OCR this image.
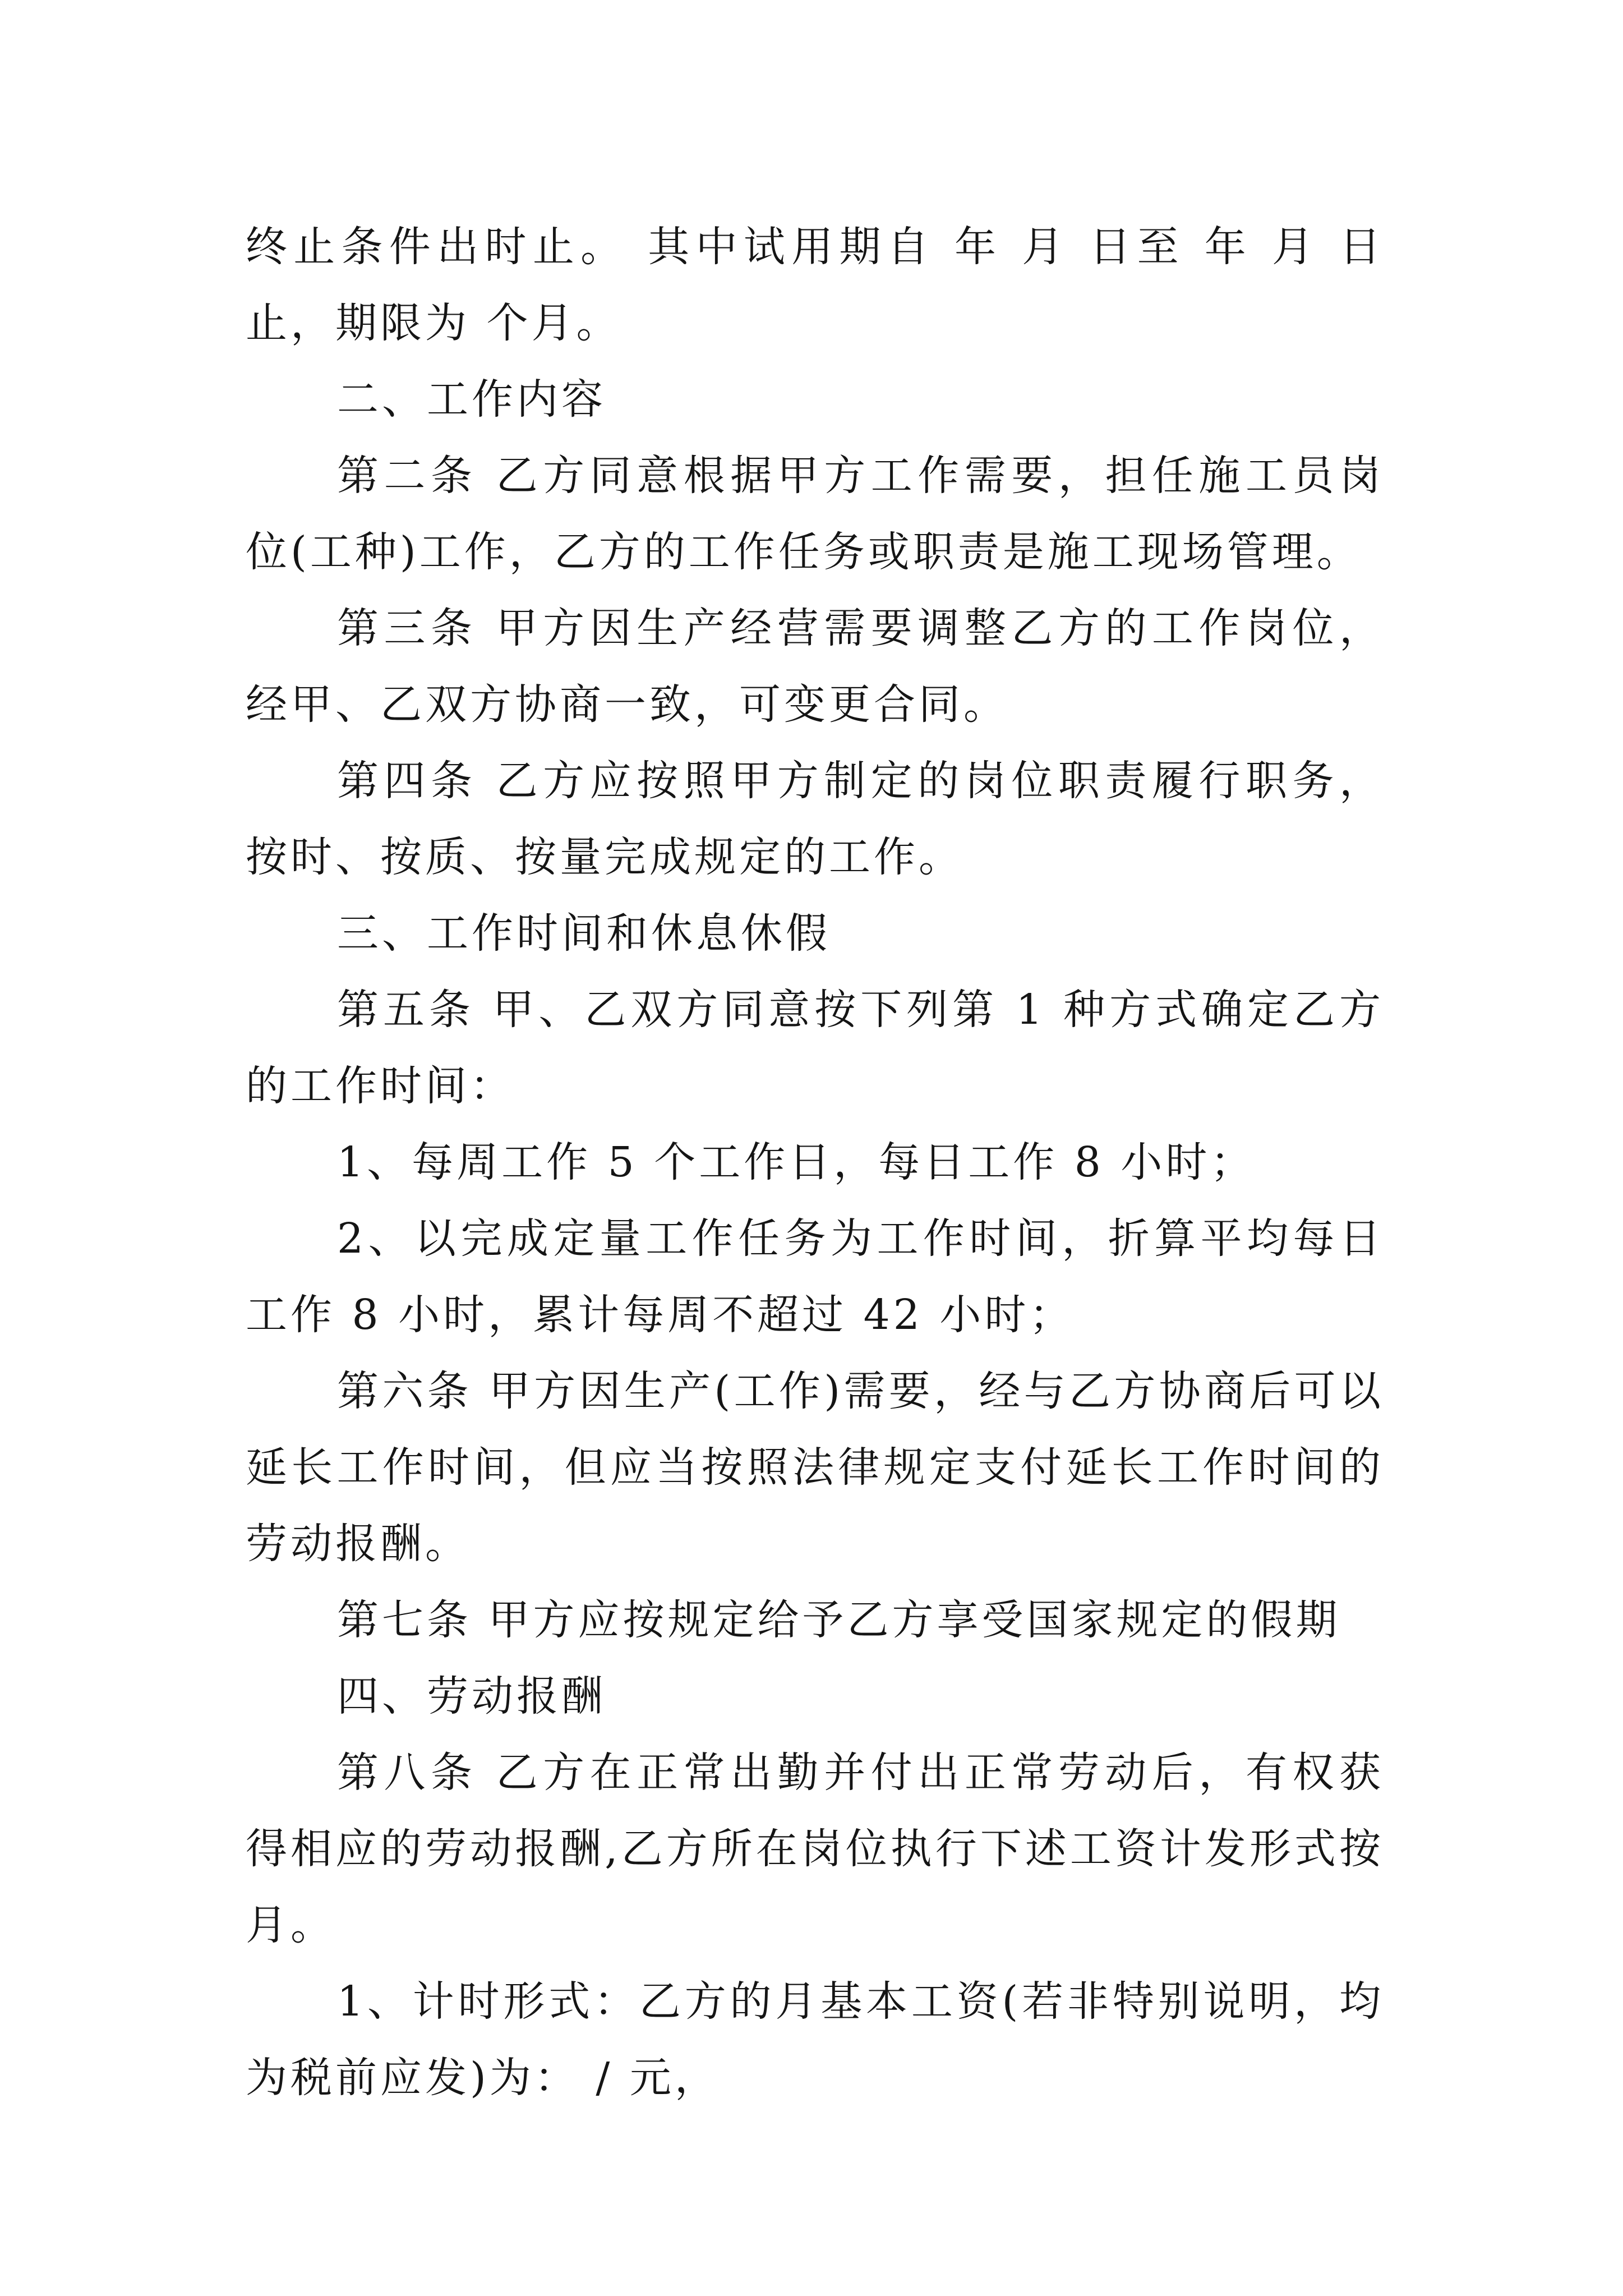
终止条件出时止。 其中试用期自 年 月 日至 年 月 日止，期限为 个月。

二、工作内容

第二条 乙方同意根据甲方工作需要，担任施工员岗位(工种)工作，乙方的工作任务或职责是施工现场管理。

第三条 甲方因生产经营需要调整乙方的工作岗位，经甲、乙双方协商一致，可变更合同。

第四条 乙方应按照甲方制定的岗位职责履行职务，按时、按质、按量完成规定的工作。

三、工作时间和休息休假

第五条 甲、乙双方同意按下列第 1 种方式确定乙方的工作时间：

1、每周工作 5 个工作日，每日工作 8 小时；

2、以完成定量工作任务为工作时间，折算平均每日工作 8 小时，累计每周不超过 42 小时；

第六条 甲方因生产(工作)需要，经与乙方协商后可以延长工作时间，但应当按照法律规定支付延长工作时间的劳动报酬。

第七条 甲方应按规定给予乙方享受国家规定的假期

四、劳动报酬

第八条 乙方在正常出勤并付出正常劳动后，有权获得相应的劳动报酬,乙方所在岗位执行下述工资计发形式按月。

1、计时形式：乙方的月基本工资(若非特别说明，均为税前应发)为： / 元，
